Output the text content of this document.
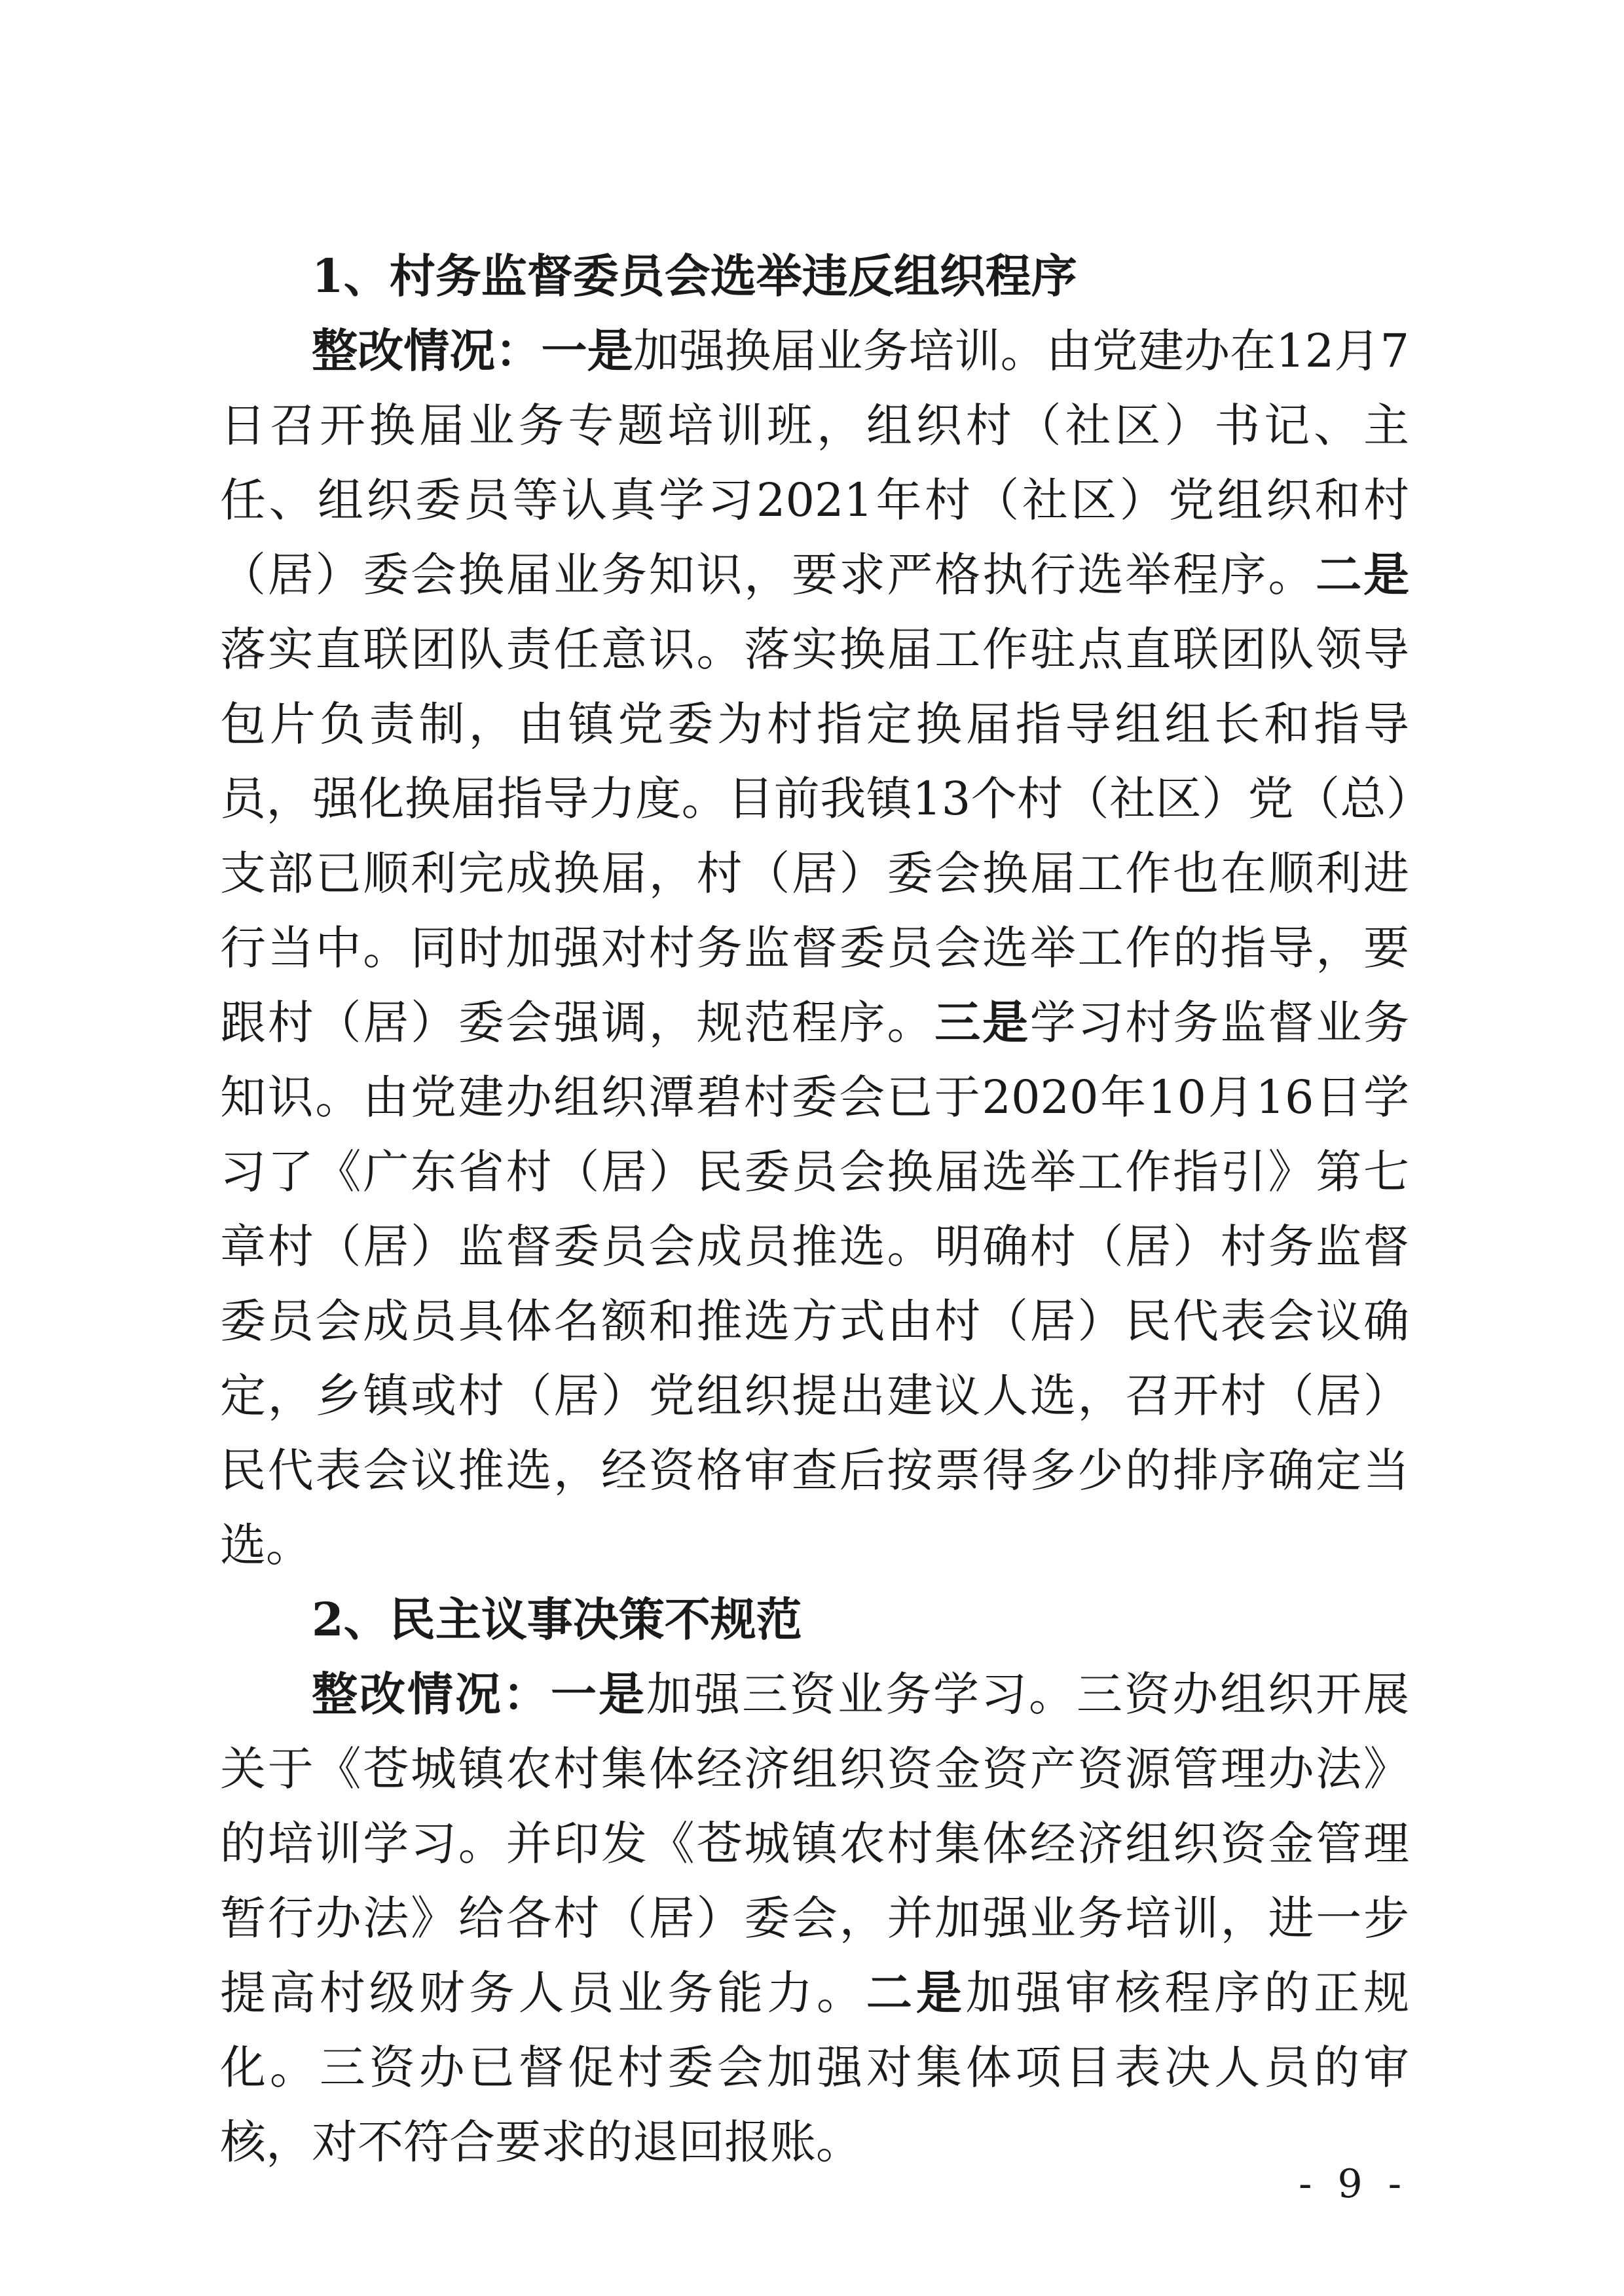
1、村务监督委员会选举违反组织程序

整改情况：一是加强换届业务培训。由党建办在12月7日召开换届业务专题培训班，组织村（社区）书记、主任、组织委员等认真学习2021年村（社区）党组织和村（居）委会换届业务知识，要求严格执行选举程序。二是落实直联团队责任意识。落实换届工作驻点直联团队领导包片负责制，由镇党委为村指定换届指导组组长和指导员，强化换届指导力度。目前我镇13个村（社区）党（总）支部已顺利完成换届，村（居）委会换届工作也在顺利进行当中。同时加强对村务监督委员会选举工作的指导，要跟村（居）委会强调，规范程序。三是学习村务监督业务知识。由党建办组织潭碧村委会已于2020年10月16日学习了《广东省村（居）民委员会换届选举工作指引》第七章村（居）监督委员会成员推选。明确村（居）村务监督委员会成员具体名额和推选方式由村（居）民代表会议确定，乡镇或村（居）党组织提出建议人选，召开村（居）民代表会议推选，经资格审查后按票得多少的排序确定当选。

2、民主议事决策不规范

整改情况：一是加强三资业务学习。三资办组织开展关于《苍城镇农村集体经济组织资金资产资源管理办法》的培训学习。并印发《苍城镇农村集体经济组织资金管理暂行办法》给各村（居）委会，并加强业务培训，进一步提高村级财务人员业务能力。二是加强审核程序的正规化。三资办已督促村委会加强对集体项目表决人员的审核，对不符合要求的退回报账。

- 9 -
